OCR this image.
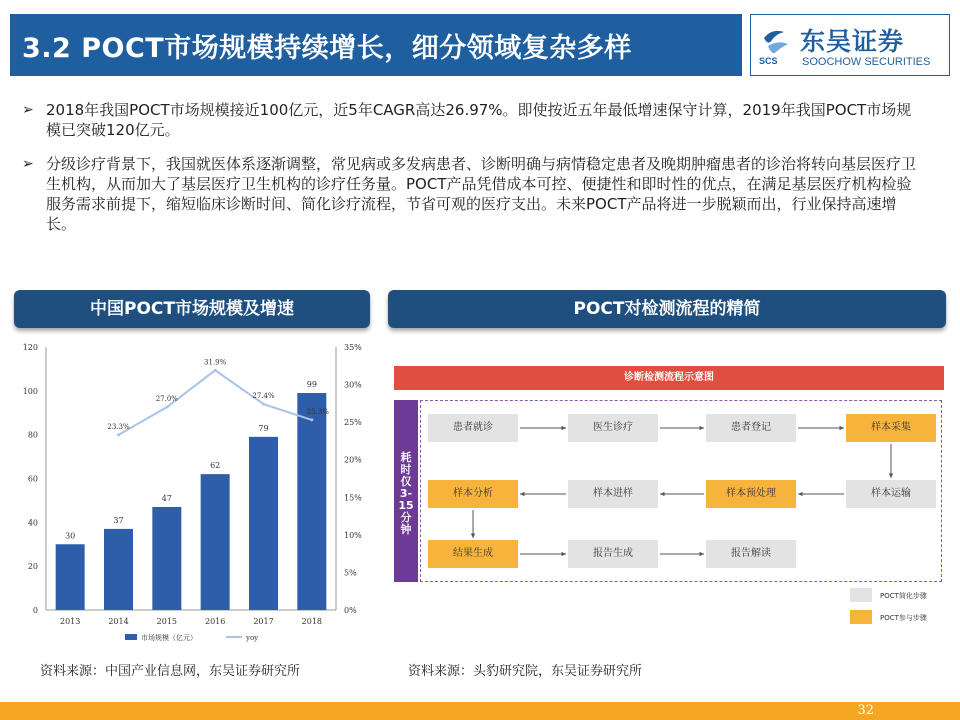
3.2 POCT市场规模持续增长，细分领域复杂多样	SCS
东吴证券
SOOCHOW SECURITIES
➢ 2018年我国POCT市场规模接近100亿元，近5年CAGR高达26.97%。即使按近五年最低增速保守计算，2019年我国POCT市场规模已突破120亿元。
➢ 分级诊疗背景下，我国就医体系逐渐调整，常见病或多发病患者、诊断明确与病情稳定患者及晚期肿瘤患者的诊治将转向基层医疗卫生机构，从而加大了基层医疗卫生机构的诊疗任务量。POCT产品凭借成本可控、便捷性和即时性的优点，在满足基层医疗机构检验服务需求前提下，缩短临床诊断时间、简化诊疗流程，节省可观的医疗支出。未来POCT产品将进一步脱颖而出，行业保持高速增长。
中国POCT市场规模及增速	POCT对检测流程的精简
0
20
40
60
80
100
120
0%
5%
10%
15%
20%
25%
30%
35%
30
2013
37
2014
47
2015
62
2016
79
2017
99
2018
23.3%
27.0%
31.9%
27.4%
25.3%
市场规模（亿元）	yoy
诊断检测流程示意图
耗时仅3-15分钟
患者就诊	医生诊疗	患者登记	样本采集
样本分析	样本进样	样本预处理	样本运输
结果生成	报告生成	报告解读
POCT简化步骤
POCT参与步骤
资料来源：中国产业信息网，东吴证券研究所	资料来源：头豹研究院，东吴证券研究所
32
